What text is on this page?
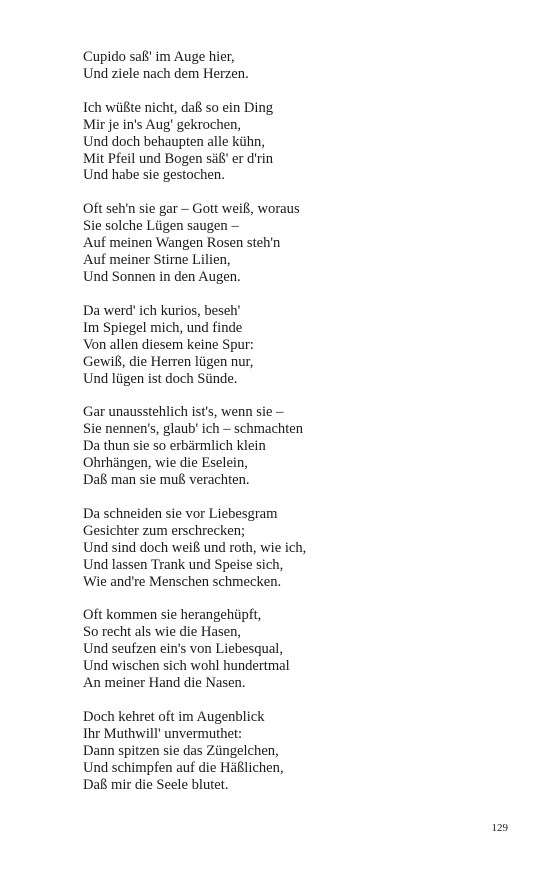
Cupido saß' im Auge hier,
Und ziele nach dem Herzen.
Ich wüßte nicht, daß so ein Ding
Mir je in's Aug' gekrochen,
Und doch behaupten alle kühn,
Mit Pfeil und Bogen säß' er d'rin
Und habe sie gestochen.
Oft seh'n sie gar – Gott weiß, woraus
Sie solche Lügen saugen –
Auf meinen Wangen Rosen steh'n
Auf meiner Stirne Lilien,
Und Sonnen in den Augen.
Da werd' ich kurios, beseh'
Im Spiegel mich, und finde
Von allen diesem keine Spur:
Gewiß, die Herren lügen nur,
Und lügen ist doch Sünde.
Gar unausstehlich ist's, wenn sie –
Sie nennen's, glaub' ich – schmachten
Da thun sie so erbärmlich klein
Ohrhängen, wie die Eselein,
Daß man sie muß verachten.
Da schneiden sie vor Liebesgram
Gesichter zum erschrecken;
Und sind doch weiß und roth, wie ich,
Und lassen Trank und Speise sich,
Wie and're Menschen schmecken.
Oft kommen sie herangehüpft,
So recht als wie die Hasen,
Und seufzen ein's von Liebesqual,
Und wischen sich wohl hundertmal
An meiner Hand die Nasen.
Doch kehret oft im Augenblick
Ihr Muthwill' unvermuthet:
Dann spitzen sie das Züngelchen,
Und schimpfen auf die Häßlichen,
Daß mir die Seele blutet.
129
